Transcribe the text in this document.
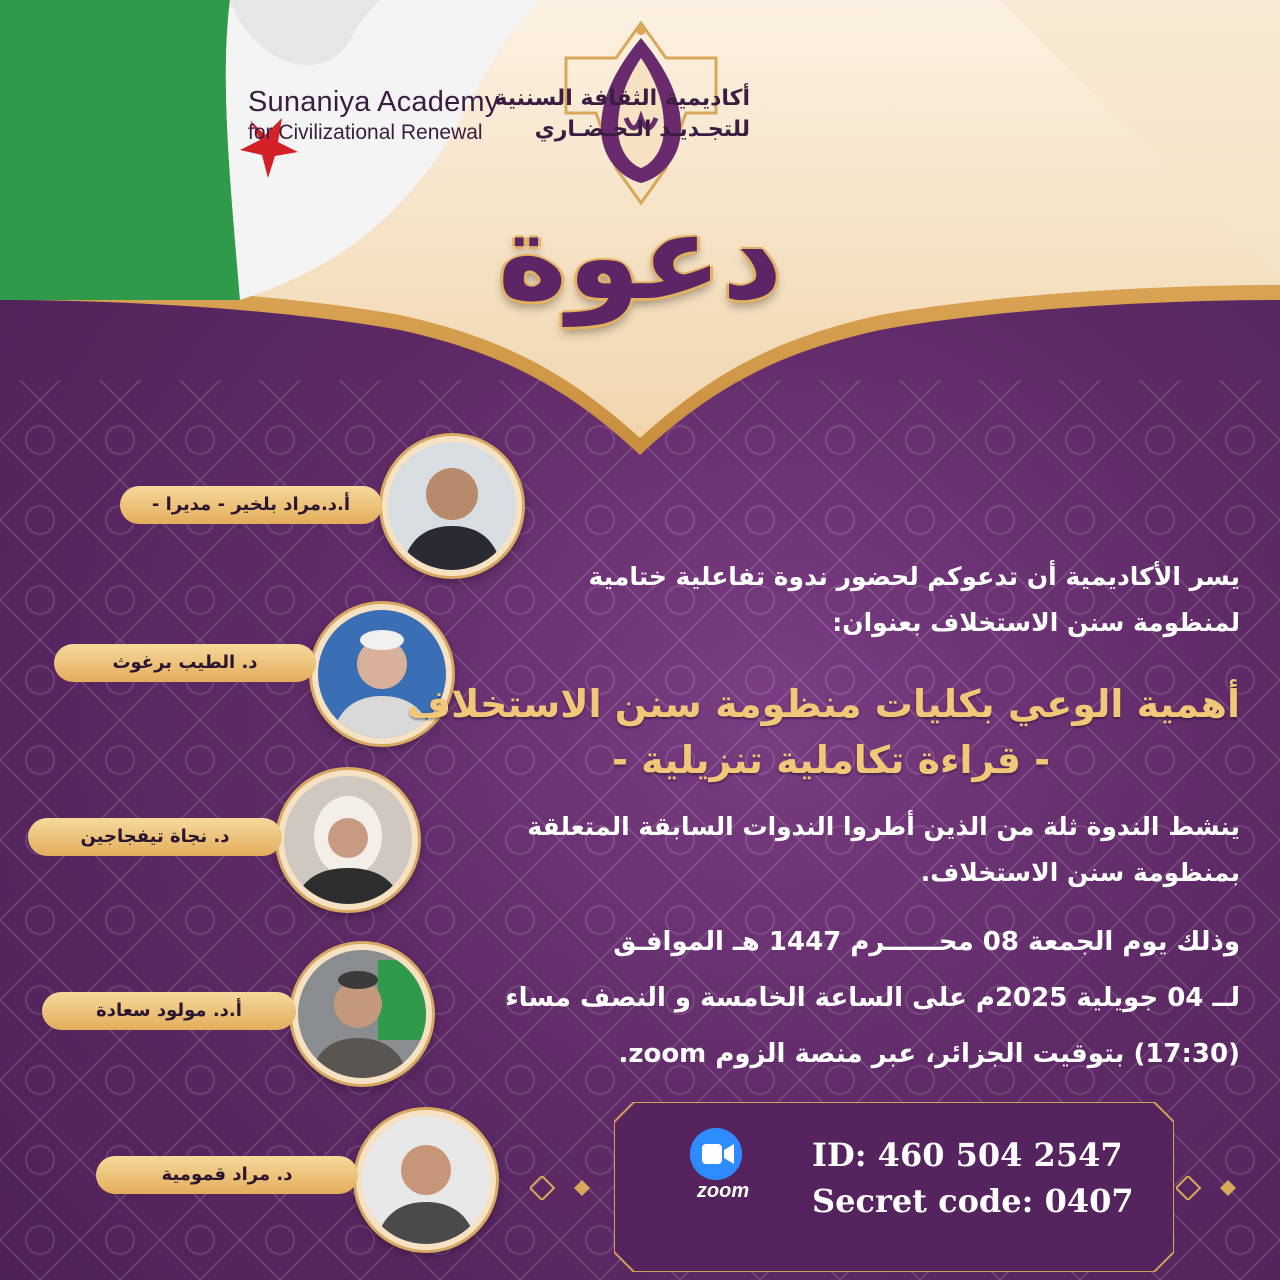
Sunaniya Academy
for Civilizational Renewal
أكاديمية الثقافة السننية
للتجـديـد الـحـضـاري
دعوة
أ.د.مراد بلخير - مديرا -
د. الطيب برغوث
د. نجاة تيفجاجين
أ.د. مولود سعادة
د. مراد قمومية
يسر الأكاديمية أن تدعوكم لحضور ندوة تفاعلية ختامية
لمنظومة سنن الاستخلاف بعنوان:
أهمية الوعي بكليات منظومة سنن الاستخلاف
- قراءة تكاملية تنزيلية -
ينشط الندوة ثلة من الذين أطروا الندوات السابقة المتعلقة
بمنظومة سنن الاستخلاف.
وذلك يوم الجمعة 08 محــــــرم 1447 هـ الموافـق
لــ 04 جويلية 2025م على الساعة الخامسة و النصف مساء
(17:30) بتوقيت الجزائر، عبر منصة الزوم zoom.
zoom
ID: 460 504 2547
Secret code: 0407
